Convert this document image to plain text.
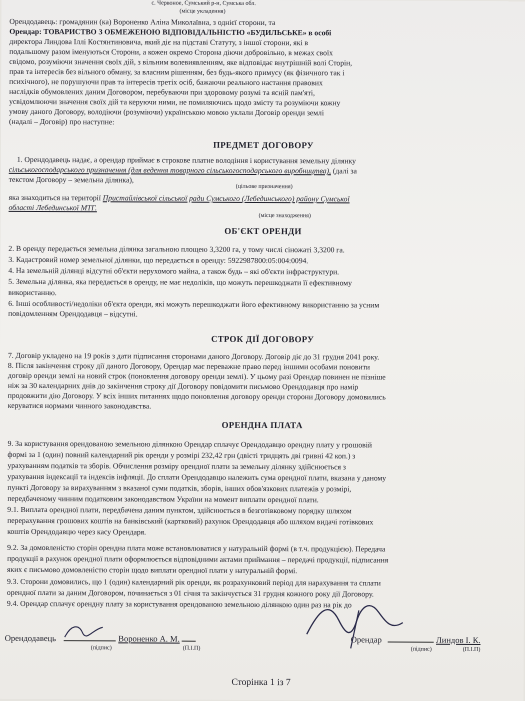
с. Червоное, Сумський р-н, Сумська обл.
(місце укладення)
Орендодавець: громадянин (ка) Вороненко Аліна Миколаївна, з однієї сторони, та
Орендар: ТОВАРИСТВО З ОБМЕЖЕНОЮ ВІДПОВІДАЛЬНІСТЮ «БУДИЛЬСЬКЕ» в особі
директора Линдова Іллі Костянтиновича, який діє на підставі Статуту, з іншої сторони, які в
подальшому разом іменуються Сторони, а кожен окремо Сторона діючи добровільно, в межах своїх
свідомо, розуміючи значення своїх дій, з вільним волевиявленням, яке відповідає внутрішній волі Сторін,
прав та інтересів без вільного обману, за власним рішенням, без будь-якого примусу (як фізичного так і
психічного), не порушуючи прав та інтересів третіх осіб, бажаючи реального настання правових
наслідків обумовлених даним Договором, перебуваючи при здоровому розумі та ясній пам'яті,
усвідомлюючи значення своїх дій та керуючи ними, не помиляючись щодо змісту та розуміючи кожну
умову даного Договору, володіючи (розуміючи) українською мовою уклали Договір оренди землі
(надалі – Договір) про наступне:
ПРЕДМЕТ ДОГОВОРУ
1. Орендодавець надає, а орендар приймає в строкове платне володіння і користування земельну ділянку
сільськогосподарського призначення (для ведення товарного сільськогосподарського виробництва), (далі за
текстом Договору – земельна ділянка),
(цільове призначення)
яка знаходиться на території Пристайлівської сільської ради Сумського (Лебединського) району Сумської
області Лебединської МТГ.
(місце знаходження)
ОБ'ЄКТ ОРЕНДИ
2. В оренду передається земельна ділянка загальною площею 3,3200 га, у тому числі сіножаті 3,3200 га.
3. Кадастровий номер земельної ділянки, що передається в оренду: 5922987800:05:004:0094.
4. На земельній ділянці відсутні об'єкти нерухомого майна, а також будь – які об'єкти інфраструктури.
5. Земельна ділянка, яка передається в оренду, не має недоліків, що можуть перешкоджати її ефективному
використанню.
6. Інші особливості/недоліки об'єкта оренди, які можуть перешкоджати його ефективному використанню за усним
повідомленням Орендодавця – відсутні.
СТРОК ДІЇ ДОГОВОРУ
7. Договір укладено на 19 років з дати підписання сторонами даного Договору. Договір діє до 31 грудня 2041 року.
8. Після закінчення строку дії даного Договору, Орендар має переважне право перед іншими особами поновити
договір оренди землі на новий строк (поновлення договору оренди землі). У цьому разі Орендар повинен не пізніше
ніж за 30 календарних днів до закінчення строку дії Договору повідомити письмово Орендодавця про намір
продовжити дію Договору. У всіх інших питаннях щодо поновлення договору оренди сторони Договору домовились
керуватися нормами чинного законодавства.
ОРЕНДНА ПЛАТА
9. За користування орендованою земельною ділянкою Орендар сплачує Орендодавцю орендну плату у грошовій
формі за 1 (один) повний календарний рік оренди у розмірі 232,42 грн (двісті тридцять дві гривні 42 коп.) з
урахуванням податків та зборів. Обчислення розміру орендної плати за земельну ділянку здійснюється з
урахування індексації та індексів інфляції. До сплати Орендодавцю належить сума орендної плати, вказана у даному
пункті Договору за вирахуванням з вказаної суми податків, зборів, інших обов'язкових платежів у розмірі,
передбаченому чинним податковим законодавством України на момент виплати орендної плати.
9.1. Виплата орендної плати, передбачена даним пунктом, здійснюється в безготівковому порядку шляхом
перерахування грошових коштів на банківський (картковий) рахунок Орендодавця або шляхом видачі готівкових
коштів Орендодавцю через касу Орендаря.
9.2. За домовленістю сторін орендна плата може встановлюватися у натуральній формі (в т.ч. продукцією). Передача
продукції в рахунок орендної плати оформлюється відповідними актами приймання – передачі продукції, підписання
яких є письмово домовленістю сторін щодо виплати орендної плати у натуральній формі.
9.3. Сторони домовились, що 1 (один) календарний рік оренди, як розрахунковий період для нарахування та сплати
орендної плати за даним Договором, починається з 01 січня та закінчується 31 грудня кожного року дії Договору.
9.4. Орендар сплачує орендну плату за користування орендованою земельною ділянкою один раз на рік до
Орендодавець	Вороненко А. М.
(підпис)	(П.І.П)
Орендар	Линдов І. К.
(підпис)	(П.І.П)
Сторінка 1 із 7
